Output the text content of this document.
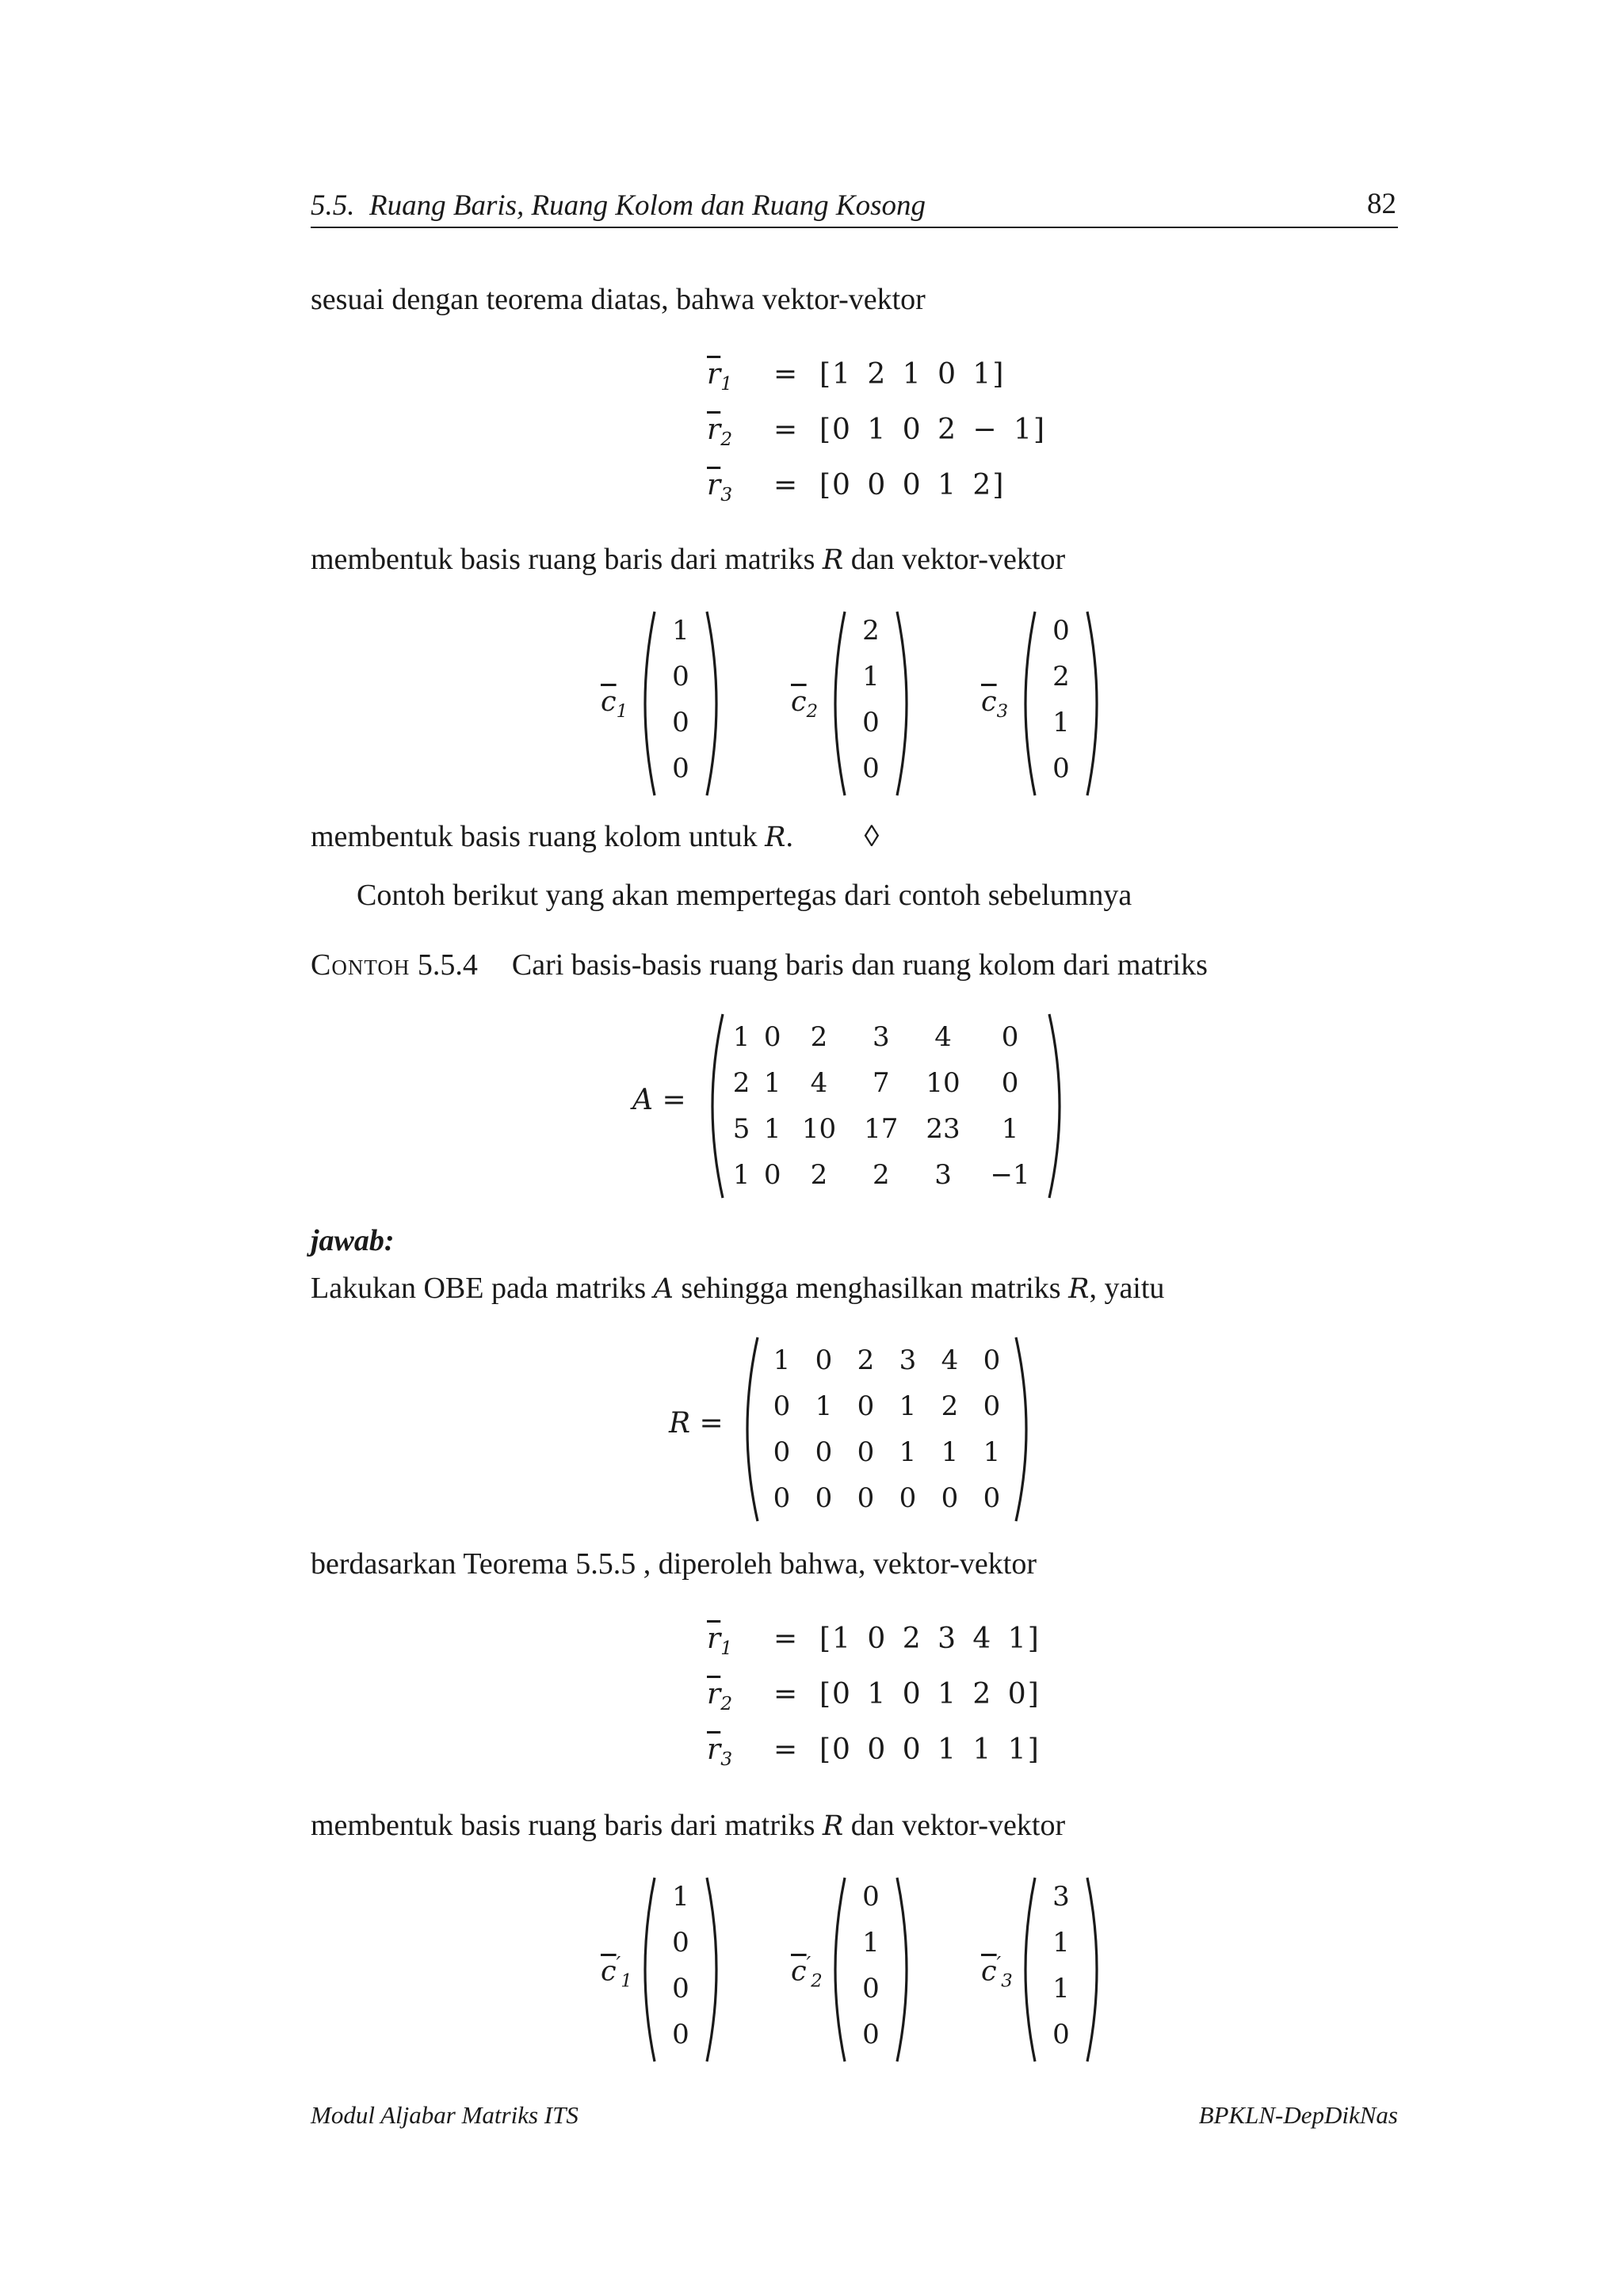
5.5. Ruang Baris, Ruang Kolom dan Ruang Kosong	82
sesuai dengan teorema diatas, bahwa vektor-vektor
$\overline{r}_1$	= [1 2 1 0 1]
$\overline{r}_2$	= [0 1 0 2 − 1]
$\overline{r}_3$	= [0 0 0 1 2]
membentuk basis ruang baris dari matriks R dan vektor-vektor
$\overline{c}_1$
1
0
0
0
$\overline{c}_2$
2
1
0
0
$\overline{c}_3$
0
2
1
0
membentuk basis ruang kolom untuk R. ◊
Contoh berikut yang akan mempertegas dari contoh sebelumnya
Contoh 5.5.4 Cari basis-basis ruang baris dan ruang kolom dari matriks
A =
1	0	2	3	4	0
2	1	4	7	10	0
5	1	10	17	23	1
1	0	2	2	3	−1
jawab:
Lakukan OBE pada matriks A sehingga menghasilkan matriks R, yaitu
R =
1	0	2	3	4	0
0	1	0	1	2	0
0	0	0	1	1	1
0	0	0	0	0	0
berdasarkan Teorema 5.5.5 , diperoleh bahwa, vektor-vektor
$\overline{r}_1$	= [1 0 2 3 4 1]
$\overline{r}_2$	= [0 1 0 1 2 0]
$\overline{r}_3$	= [0 0 0 1 1 1]
membentuk basis ruang baris dari matriks R dan vektor-vektor
$\overline{c}'_1$
1
0
0
0
$\overline{c}'_2$
0
1
0
0
$\overline{c}'_3$
3
1
1
0
Modul Aljabar Matriks ITS	BPKLN-DepDikNas
